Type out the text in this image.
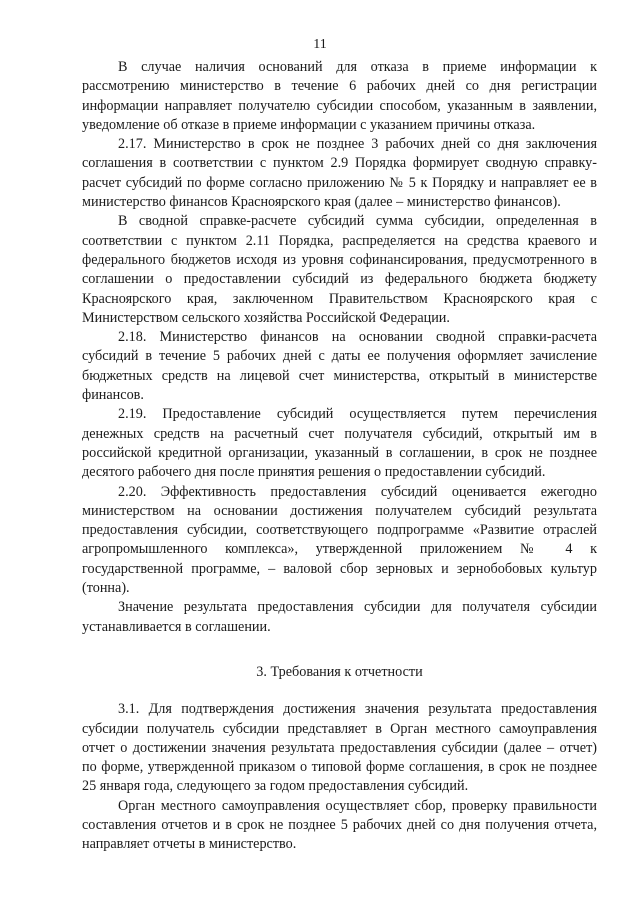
11

В случае наличия оснований для отказа в приеме информации к рассмотрению министерство в течение 6 рабочих дней со дня регистрации информации направляет получателю субсидии способом, указанным в заявлении, уведомление об отказе в приеме информации с указанием причины отказа.

2.17. Министерство в срок не позднее 3 рабочих дней со дня заключения соглашения в соответствии с пунктом 2.9 Порядка формирует сводную справку-расчет субсидий по форме согласно приложению № 5 к Порядку и направляет ее в министерство финансов Красноярского края (далее – министерство финансов).

В сводной справке-расчете субсидий сумма субсидии, определенная в соответствии с пунктом 2.11 Порядка, распределяется на средства краевого и федерального бюджетов исходя из уровня софинансирования, предусмотренного в соглашении о предоставлении субсидий из федерального бюджета бюджету Красноярского края, заключенном Правительством Красноярского края с Министерством сельского хозяйства Российской Федерации.

2.18. Министерство финансов на основании сводной справки-расчета субсидий в течение 5 рабочих дней с даты ее получения оформляет зачисление бюджетных средств на лицевой счет министерства, открытый в министерстве финансов.

2.19. Предоставление субсидий осуществляется путем перечисления денежных средств на расчетный счет получателя субсидий, открытый им в российской кредитной организации, указанный в соглашении, в срок не позднее десятого рабочего дня после принятия решения о предоставлении субсидий.

2.20. Эффективность предоставления субсидий оценивается ежегодно министерством на основании достижения получателем субсидий результата предоставления субсидии, соответствующего подпрограмме «Развитие отраслей агропромышленного комплекса», утвержденной приложением № 4 к государственной программе, – валовой сбор зерновых и зернобобовых культур (тонна).

Значение результата предоставления субсидии для получателя субсидии устанавливается в соглашении.

3. Требования к отчетности

3.1. Для подтверждения достижения значения результата предоставления субсидии получатель субсидии представляет в Орган местного самоуправления отчет о достижении значения результата предоставления субсидии (далее – отчет) по форме, утвержденной приказом о типовой форме соглашения, в срок не позднее 25 января года, следующего за годом предоставления субсидий.

Орган местного самоуправления осуществляет сбор, проверку правильности составления отчетов и в срок не позднее 5 рабочих дней со дня получения отчета, направляет отчеты в министерство.
